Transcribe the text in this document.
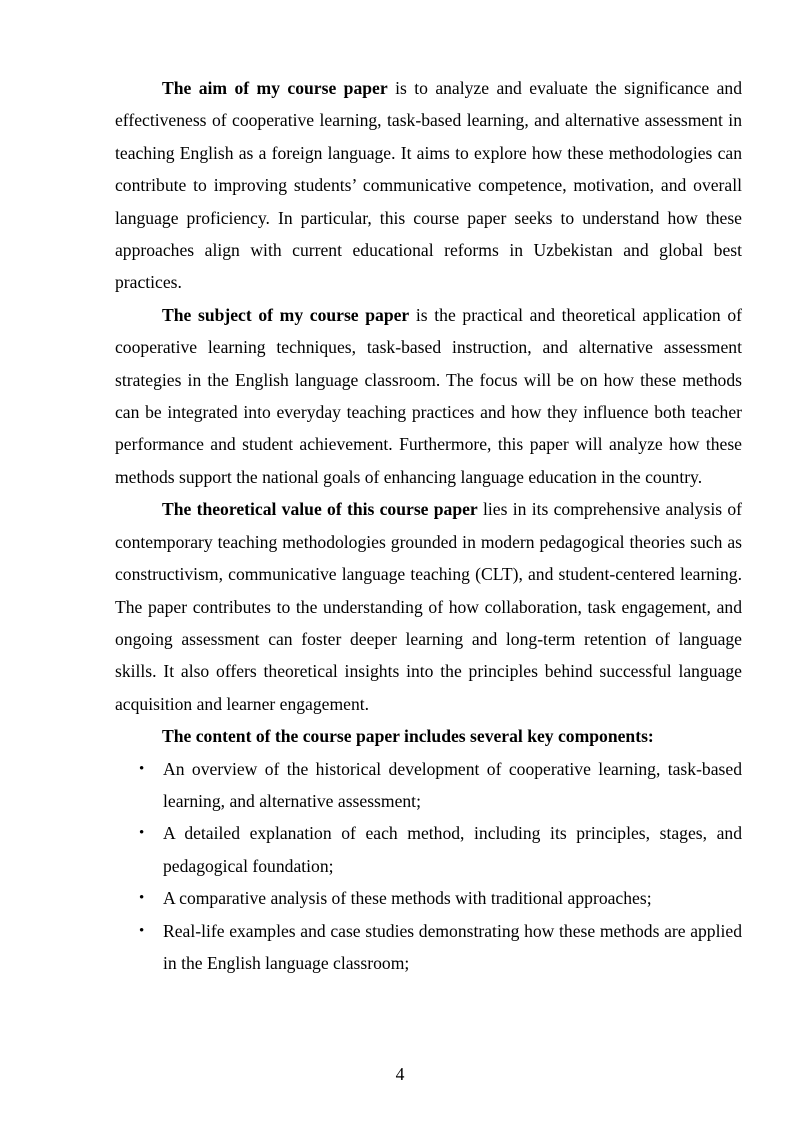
The aim of my course paper is to analyze and evaluate the significance and effectiveness of cooperative learning, task-based learning, and alternative assessment in teaching English as a foreign language. It aims to explore how these methodologies can contribute to improving students’ communicative competence, motivation, and overall language proficiency. In particular, this course paper seeks to understand how these approaches align with current educational reforms in Uzbekistan and global best practices.

The subject of my course paper is the practical and theoretical application of cooperative learning techniques, task-based instruction, and alternative assessment strategies in the English language classroom. The focus will be on how these methods can be integrated into everyday teaching practices and how they influence both teacher performance and student achievement. Furthermore, this paper will analyze how these methods support the national goals of enhancing language education in the country.

The theoretical value of this course paper lies in its comprehensive analysis of contemporary teaching methodologies grounded in modern pedagogical theories such as constructivism, communicative language teaching (CLT), and student-centered learning. The paper contributes to the understanding of how collaboration, task engagement, and ongoing assessment can foster deeper learning and long-term retention of language skills. It also offers theoretical insights into the principles behind successful language acquisition and learner engagement.

The content of the course paper includes several key components:

• An overview of the historical development of cooperative learning, task-based learning, and alternative assessment;
• A detailed explanation of each method, including its principles, stages, and pedagogical foundation;
• A comparative analysis of these methods with traditional approaches;
• Real-life examples and case studies demonstrating how these methods are applied in the English language classroom;
4
